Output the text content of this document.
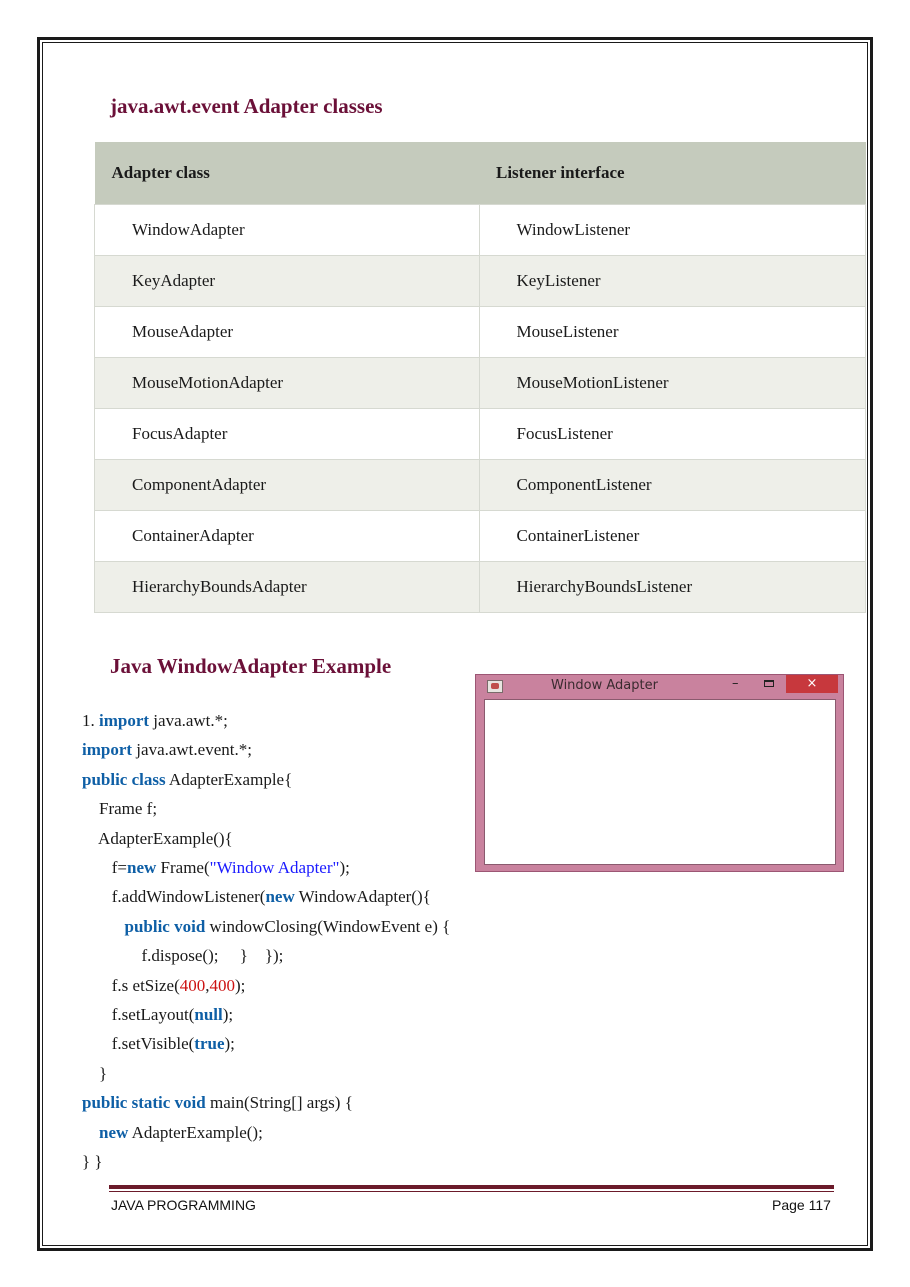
java.awt.event Adapter classes
Adapter class	Listener interface
WindowAdapter	WindowListener
KeyAdapter	KeyListener
MouseAdapter	MouseListener
MouseMotionAdapter	MouseMotionListener
FocusAdapter	FocusListener
ComponentAdapter	ComponentListener
ContainerAdapter	ContainerListener
HierarchyBoundsAdapter	HierarchyBoundsListener
Java WindowAdapter Example
1. import java.awt.*;
import java.awt.event.*;
public class AdapterExample{
Frame f;
AdapterExample(){
f=new Frame("Window Adapter");
f.addWindowListener(new WindowAdapter(){
public void windowClosing(WindowEvent e) {
f.dispose();     }    });
f.s etSize(400,400);
f.setLayout(null);
f.setVisible(true);
}
public static void main(String[] args) {
new AdapterExample();
} }
Window Adapter	–	×
JAVA PROGRAMMING	Page 117
